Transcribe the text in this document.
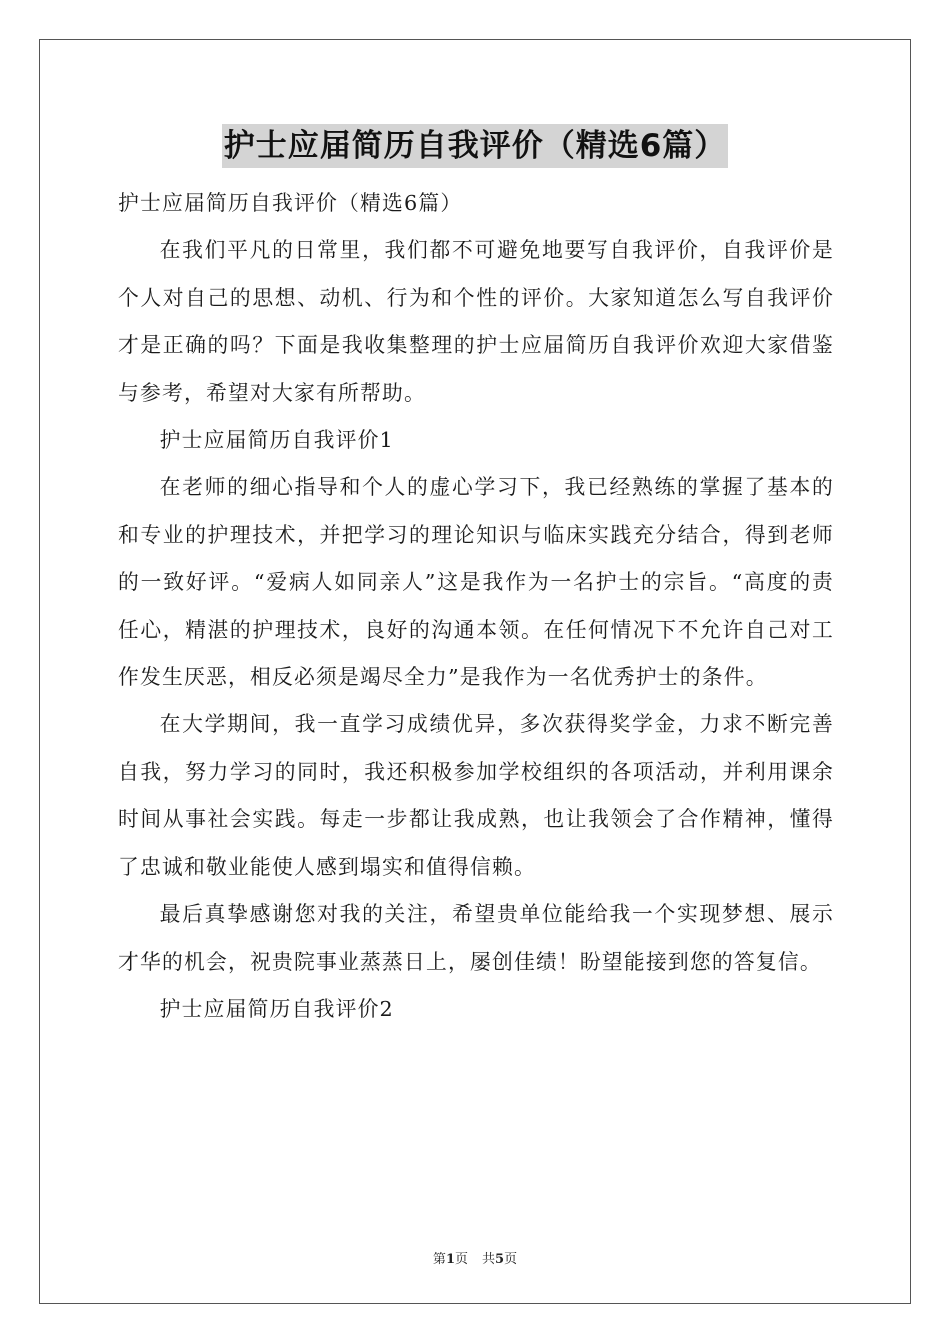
护士应届简历自我评价（精选6篇）

护士应届简历自我评价（精选6篇）

在我们平凡的日常里，我们都不可避免地要写自我评价，自我评价是个人对自己的思想、动机、行为和个性的评价。大家知道怎么写自我评价才是正确的吗？下面是我收集整理的护士应届简历自我评价欢迎大家借鉴与参考，希望对大家有所帮助。

护士应届简历自我评价1

在老师的细心指导和个人的虚心学习下，我已经熟练的掌握了基本的和专业的护理技术，并把学习的理论知识与临床实践充分结合，得到老师的一致好评。“爱病人如同亲人”这是我作为一名护士的宗旨。“高度的责任心，精湛的护理技术，良好的沟通本领。在任何情况下不允许自己对工作发生厌恶，相反必须是竭尽全力”是我作为一名优秀护士的条件。

在大学期间，我一直学习成绩优异，多次获得奖学金，力求不断完善自我，努力学习的同时，我还积极参加学校组织的各项活动，并利用课余时间从事社会实践。每走一步都让我成熟，也让我领会了合作精神，懂得了忠诚和敬业能使人感到塌实和值得信赖。

最后真挚感谢您对我的关注，希望贵单位能给我一个实现梦想、展示才华的机会，祝贵院事业蒸蒸日上，屡创佳绩！盼望能接到您的答复信。

护士应届简历自我评价2

第1页 共5页
